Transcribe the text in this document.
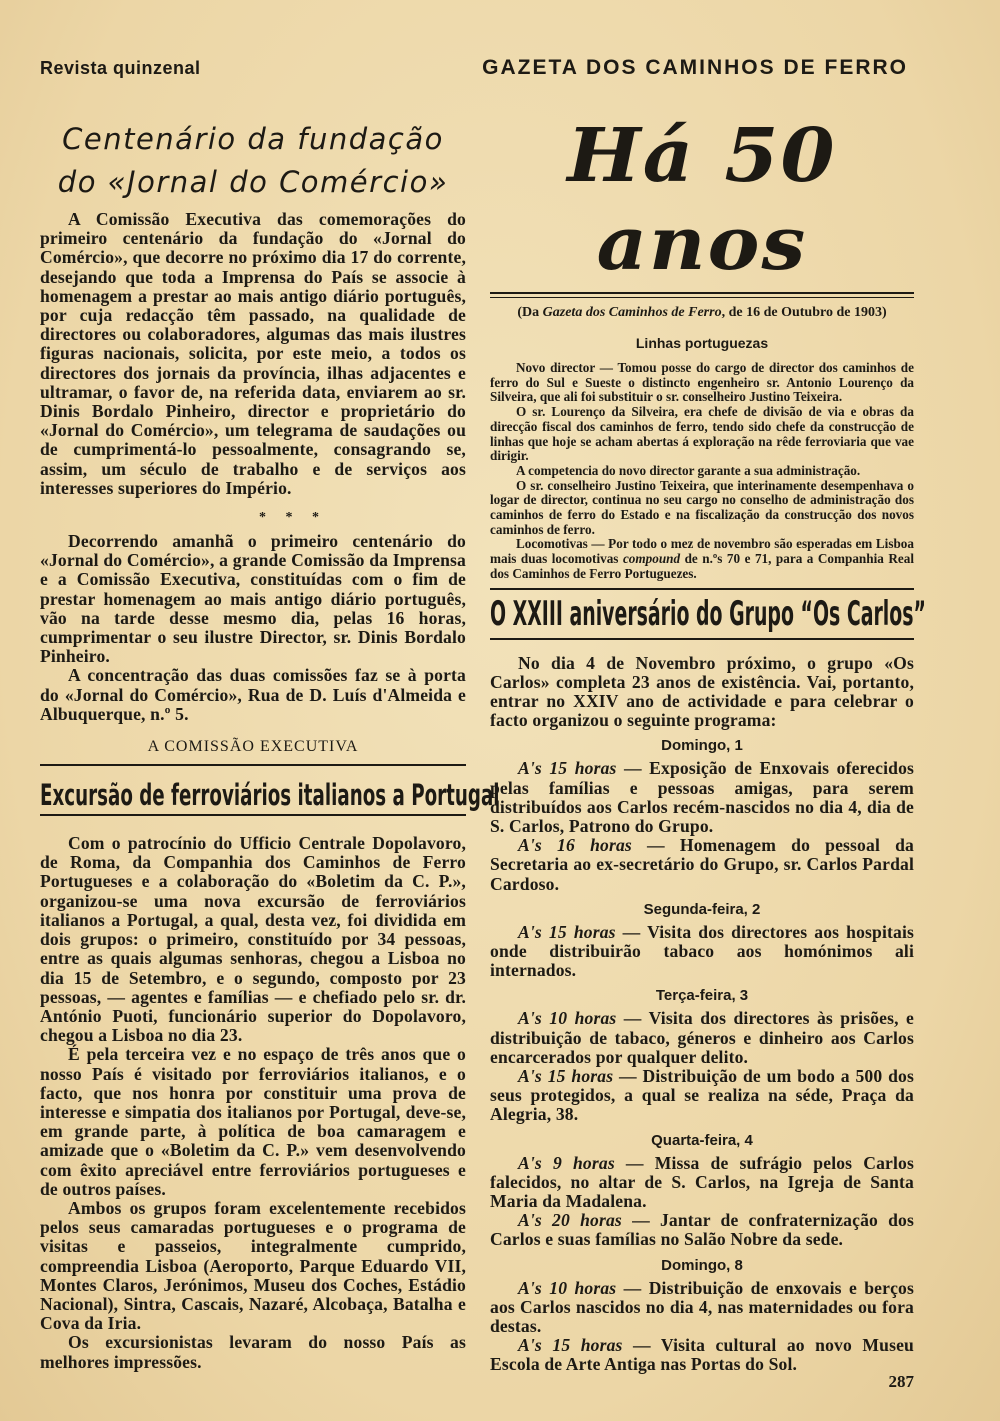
Revista quinzenal	GAZETA DOS CAMINHOS DE FERRO
Centenário da fundação
do «Jornal do Comércio»

A Comissão Executiva das comemorações do primeiro centenário da fundação do «Jornal do Comércio», que decorre no próximo dia 17 do corrente, desejando que toda a Imprensa do País se associe à homenagem a prestar ao mais antigo diário português, por cuja redacção têm passado, na qualidade de directores ou colaboradores, algumas das mais ilustres figuras nacionais, solicita, por este meio, a todos os directores dos jornais da província, ilhas adjacentes e ultramar, o favor de, na referida data, enviarem ao sr. Dinis Bordalo Pinheiro, director e proprietário do «Jornal do Comércio», um telegrama de saudações ou de cumprimentá-lo pessoalmente, consagrando se, assim, um século de trabalho e de serviços aos interesses superiores do Império.

* * *

Decorrendo amanhã o primeiro centenário do «Jornal do Comércio», a grande Comissão da Imprensa e a Comissão Executiva, constituídas com o fim de prestar homenagem ao mais antigo diário português, vão na tarde desse mesmo dia, pelas 16 horas, cumprimentar o seu ilustre Director, sr. Dinis Bordalo Pinheiro.

A concentração das duas comissões faz se à porta do «Jornal do Comércio», Rua de D. Luís d'Almeida e Albuquerque, n.º 5.

A COMISSÃO EXECUTIVA
Excursão de ferroviários italianos a Portugal

Com o patrocínio do Ufficio Centrale Dopolavoro, de Roma, da Companhia dos Caminhos de Ferro Portugueses e a colaboração do «Boletim da C. P.», organizou-se uma nova excursão de ferroviários italianos a Portugal, a qual, desta vez, foi dividida em dois grupos: o primeiro, constituído por 34 pessoas, entre as quais algumas senhoras, chegou a Lisboa no dia 15 de Setembro, e o segundo, composto por 23 pessoas, — agentes e famílias — e chefiado pelo sr. dr. António Puoti, funcionário superior do Dopolavoro, chegou a Lisboa no dia 23.

É pela terceira vez e no espaço de três anos que o nosso País é visitado por ferroviários italianos, e o facto, que nos honra por constituir uma prova de interesse e simpatia dos italianos por Portugal, deve-se, em grande parte, à política de boa camaragem e amizade que o «Boletim da C. P.» vem desenvolvendo com êxito apreciável entre ferroviários portugueses e de outros países.

Ambos os grupos foram excelentemente recebidos pelos seus camaradas portugueses e o programa de visitas e passeios, integralmente cumprido, compreendia Lisboa (Aeroporto, Parque Eduardo VII, Montes Claros, Jerónimos, Museu dos Coches, Estádio Nacional), Sintra, Cascais, Nazaré, Alcobaça, Batalha e Cova da Iria.

Os excursionistas levaram do nosso País as melhores impressões.

Há 50 anos
(Da Gazeta dos Caminhos de Ferro, de 16 de Outubro de 1903)
Linhas portuguezas

Novo director — Tomou posse do cargo de director dos caminhos de ferro do Sul e Sueste o distincto engenheiro sr. Antonio Lourenço da Silveira, que ali foi substituir o sr. conselheiro Justino Teixeira.

O sr. Lourenço da Silveira, era chefe de divisão de via e obras da direcção fiscal dos caminhos de ferro, tendo sido chefe da construcção de linhas que hoje se acham abertas á exploração na rêde ferroviaria que vae dirigir.

A competencia do novo director garante a sua administração.

O sr. conselheiro Justino Teixeira, que interinamente desempenhava o logar de director, continua no seu cargo no conselho de administração dos caminhos de ferro do Estado e na fiscalização da construcção dos novos caminhos de ferro.

Locomotivas — Por todo o mez de novembro são esperadas em Lisboa mais duas locomotivas compound de n.ºs 70 e 71, para a Companhia Real dos Caminhos de Ferro Portuguezes.

O XXIII aniversário do Grupo “Os Carlos”

No dia 4 de Novembro próximo, o grupo «Os Carlos» completa 23 anos de existência. Vai, portanto, entrar no XXIV ano de actividade e para celebrar o facto organizou o seguinte programa:

Domingo, 1

A's 15 horas — Exposição de Enxovais oferecidos pelas famílias e pessoas amigas, para serem distribuídos aos Carlos recém-nascidos no dia 4, dia de S. Carlos, Patrono do Grupo.

A's 16 horas — Homenagem do pessoal da Secretaria ao ex-secretário do Grupo, sr. Carlos Pardal Cardoso.

Segunda-feira, 2

A's 15 horas — Visita dos directores aos hospitais onde distribuirão tabaco aos homónimos ali internados.

Terça-feira, 3

A's 10 horas — Visita dos directores às prisões, e distribuição de tabaco, géneros e dinheiro aos Carlos encarcerados por qualquer delito.

A's 15 horas — Distribuição de um bodo a 500 dos seus protegidos, a qual se realiza na séde, Praça da Alegria, 38.

Quarta-feira, 4

A's 9 horas — Missa de sufrágio pelos Carlos falecidos, no altar de S. Carlos, na Igreja de Santa Maria da Madalena.

A's 20 horas — Jantar de confraternização dos Carlos e suas famílias no Salão Nobre da sede.

Domingo, 8

A's 10 horas — Distribuição de enxovais e berços aos Carlos nascidos no dia 4, nas maternidades ou fora destas.

A's 15 horas — Visita cultural ao novo Museu Escola de Arte Antiga nas Portas do Sol.

287
